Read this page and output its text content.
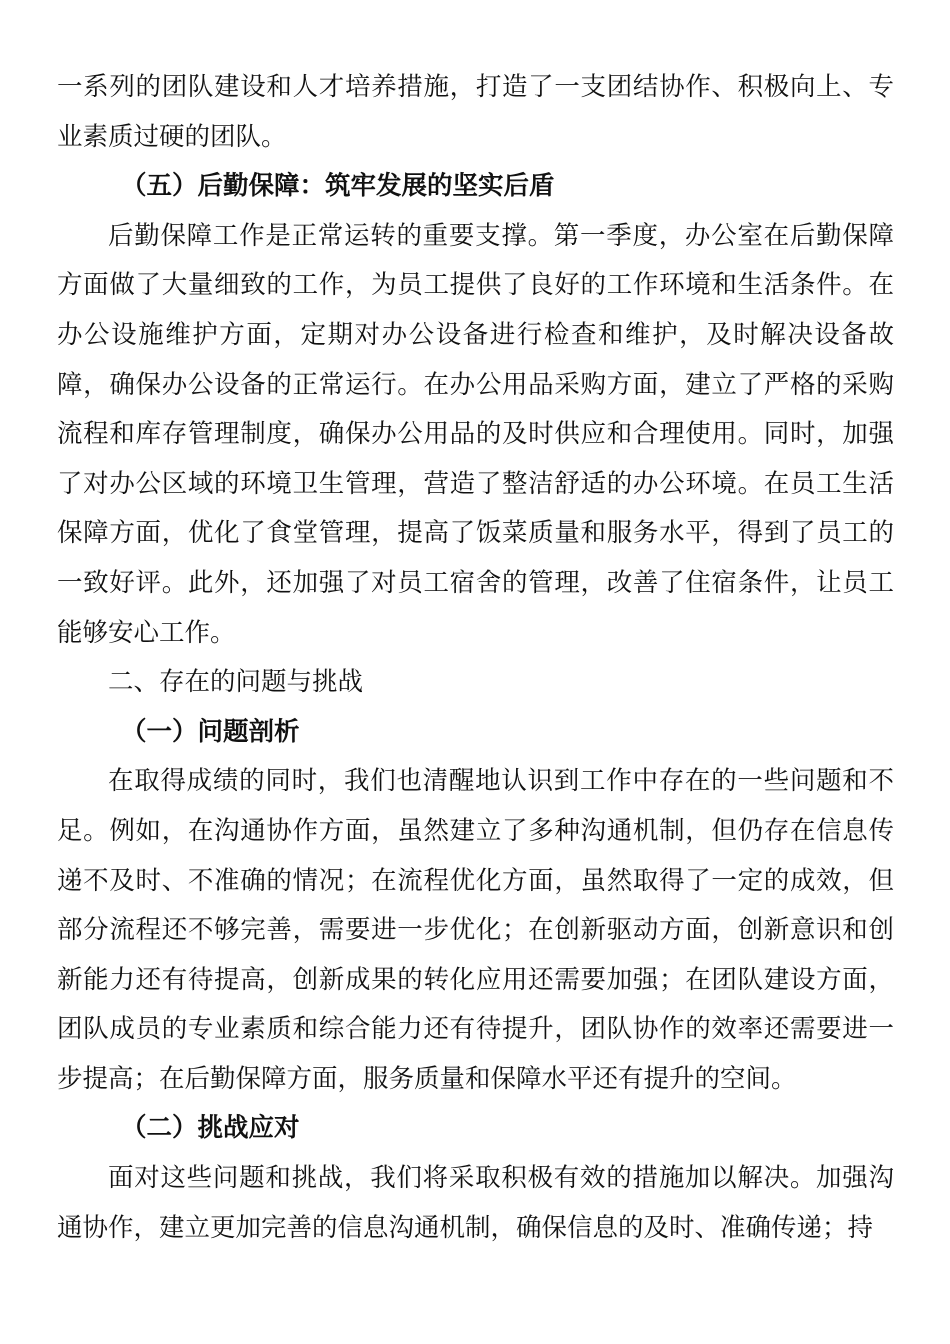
一系列的团队建设和人才培养措施，打造了一支团结协作、积极向上、专业素质过硬的团队。

（五）后勤保障：筑牢发展的坚实后盾

后勤保障工作是正常运转的重要支撑。第一季度，办公室在后勤保障方面做了大量细致的工作，为员工提供了良好的工作环境和生活条件。在办公设施维护方面，定期对办公设备进行检查和维护，及时解决设备故障，确保办公设备的正常运行。在办公用品采购方面，建立了严格的采购流程和库存管理制度，确保办公用品的及时供应和合理使用。同时，加强了对办公区域的环境卫生管理，营造了整洁舒适的办公环境。在员工生活保障方面，优化了食堂管理，提高了饭菜质量和服务水平，得到了员工的一致好评。此外，还加强了对员工宿舍的管理，改善了住宿条件，让员工能够安心工作。

二、存在的问题与挑战

（一）问题剖析

在取得成绩的同时，我们也清醒地认识到工作中存在的一些问题和不足。例如，在沟通协作方面，虽然建立了多种沟通机制，但仍存在信息传递不及时、不准确的情况；在流程优化方面，虽然取得了一定的成效，但部分流程还不够完善，需要进一步优化；在创新驱动方面，创新意识和创新能力还有待提高，创新成果的转化应用还需要加强；在团队建设方面，团队成员的专业素质和综合能力还有待提升，团队协作的效率还需要进一步提高；在后勤保障方面，服务质量和保障水平还有提升的空间。

（二）挑战应对

面对这些问题和挑战，我们将采取积极有效的措施加以解决。加强沟通协作，建立更加完善的信息沟通机制，确保信息的及时、准确传递；持
